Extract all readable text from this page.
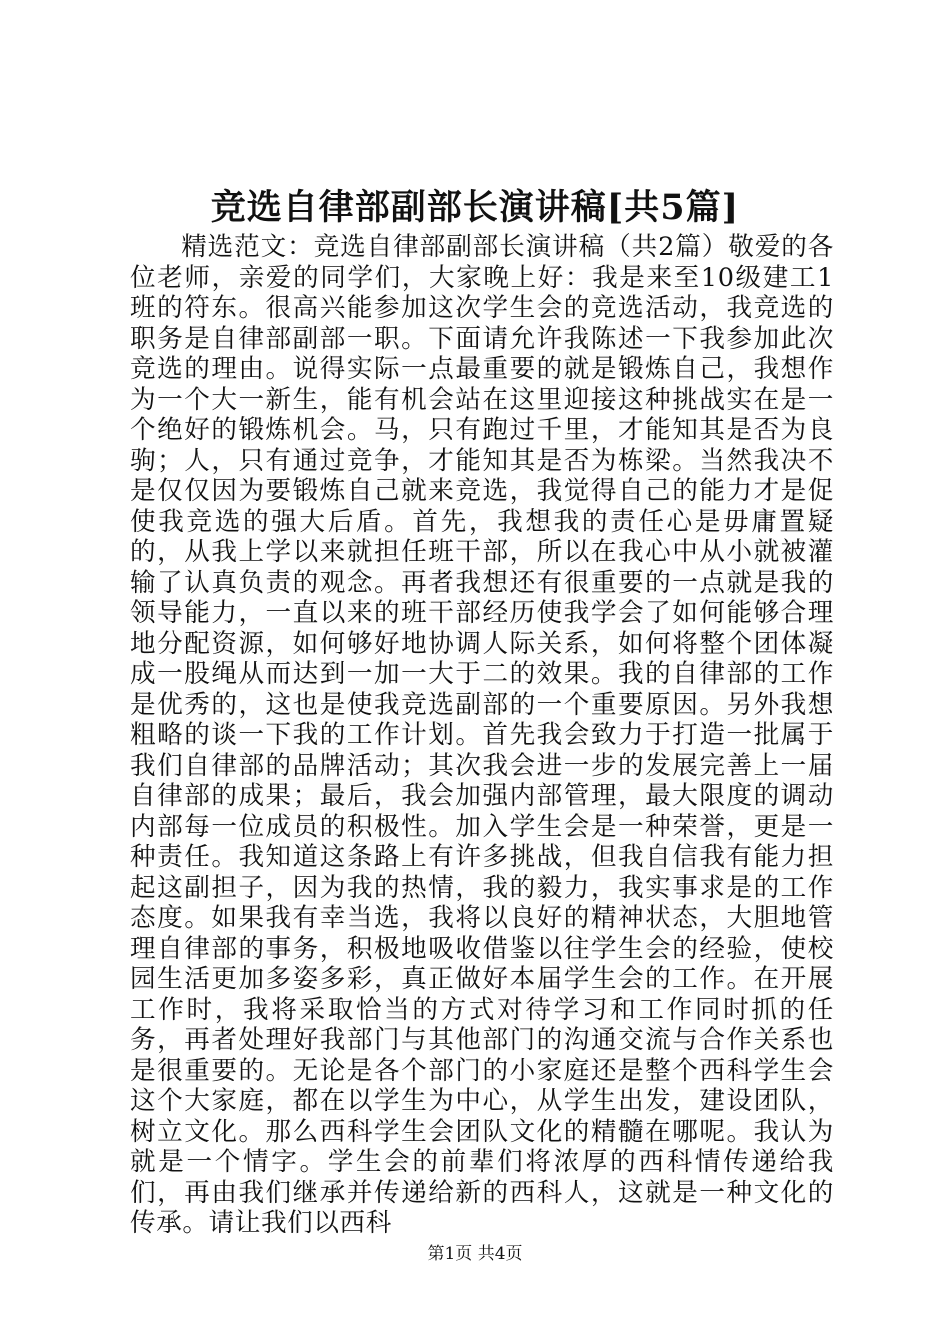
竞选自律部副部长演讲稿[共5篇]

精选范文：竞选自律部副部长演讲稿（共2篇）敬爱的各位老师，亲爱的同学们，大家晚上好：我是来至10级建工1班的符东。很高兴能参加这次学生会的竞选活动，我竞选的职务是自律部副部一职。下面请允许我陈述一下我参加此次竞选的理由。说得实际一点最重要的就是锻炼自己，我想作为一个大一新生，能有机会站在这里迎接这种挑战实在是一个绝好的锻炼机会。马，只有跑过千里，才能知其是否为良驹；人，只有通过竞争，才能知其是否为栋梁。当然我决不是仅仅因为要锻炼自己就来竞选，我觉得自己的能力才是促使我竞选的强大后盾。首先，我想我的责任心是毋庸置疑的，从我上学以来就担任班干部，所以在我心中从小就被灌输了认真负责的观念。再者我想还有很重要的一点就是我的领导能力，一直以来的班干部经历使我学会了如何能够合理地分配资源，如何够好地协调人际关系，如何将整个团体凝成一股绳从而达到一加一大于二的效果。我的自律部的工作是优秀的，这也是使我竞选副部的一个重要原因。另外我想粗略的谈一下我的工作计划。首先我会致力于打造一批属于我们自律部的品牌活动；其次我会进一步的发展完善上一届自律部的成果；最后，我会加强内部管理，最大限度的调动内部每一位成员的积极性。加入学生会是一种荣誉，更是一种责任。我知道这条路上有许多挑战，但我自信我有能力担起这副担子，因为我的热情，我的毅力，我实事求是的工作态度。如果我有幸当选，我将以良好的精神状态，大胆地管理自律部的事务，积极地吸收借鉴以往学生会的经验，使校园生活更加多姿多彩，真正做好本届学生会的工作。在开展工作时，我将采取恰当的方式对待学习和工作同时抓的任务，再者处理好我部门与其他部门的沟通交流与合作关系也是很重要的。无论是各个部门的小家庭还是整个西科学生会这个大家庭，都在以学生为中心，从学生出发，建设团队，树立文化。那么西科学生会团队文化的精髓在哪呢。我认为就是一个情字。学生会的前辈们将浓厚的西科情传递给我们，再由我们继承并传递给新的西科人，这就是一种文化的传承。请让我们以西科

第1页 共4页
